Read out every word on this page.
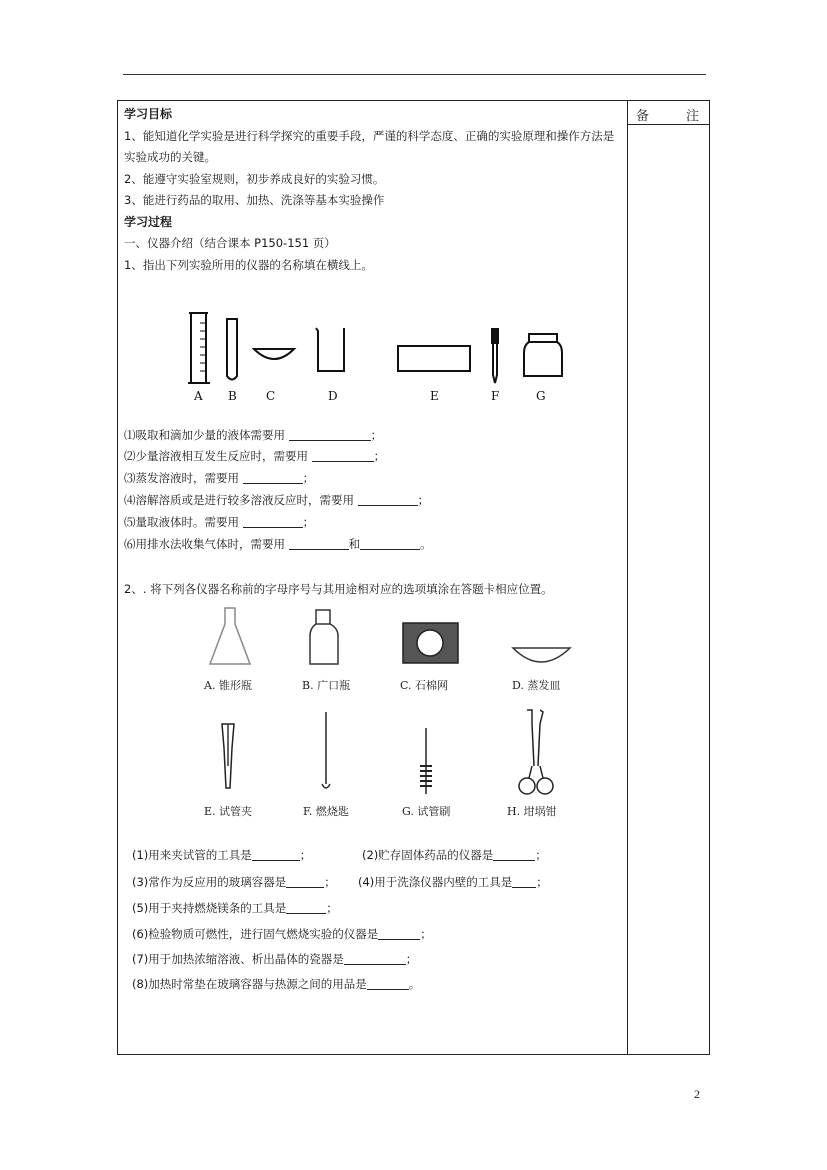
备	注

学习目标

1、能知道化学实验是进行科学探究的重要手段，严谨的科学态度、正确的实验原理和操作方法是实验成功的关键。

2、能遵守实验室规则，初步养成良好的实验习惯。

3、能进行药品的取用、加热、洗涤等基本实验操作

学习过程

一、仪器介绍（结合课本 P150-151 页）

1、指出下列实验所用的仪器的名称填在横线上。

A B C	D	E	F	G
⑴吸取和滴加少量的液体需要用	；
⑵少量溶液相互发生反应时，需要用	；
⑶蒸发溶液时，需要用	；
⑷溶解溶质或是进行较多溶液反应时，需要用	；
⑸量取液体时。需要用	；
⑹用排水法收集气体时，需要用	和	。
2、. 将下列各仪器名称前的字母序号与其用途相对应的选项填涂在答题卡相应位置。
A. 锥形瓶	B. 广口瓶	C. 石棉网	D. 蒸发皿
E. 试管夹	F. 燃烧匙	G. 试管刷	H. 坩埚钳
(1)用来夹试管的工具是	；	(2)贮存固体药品的仪器是	；
(3)常作为反应用的玻璃容器是	； (4)用于洗涤仪器内壁的工具是 ；
(5)用于夹持燃烧镁条的工具是	；
(6)检验物质可燃性，进行固气燃烧实验的仪器是	；
(7)用于加热浓缩溶液、析出晶体的瓷器是	；
(8)加热时常垫在玻璃容器与热源之间的用品是	。
2
